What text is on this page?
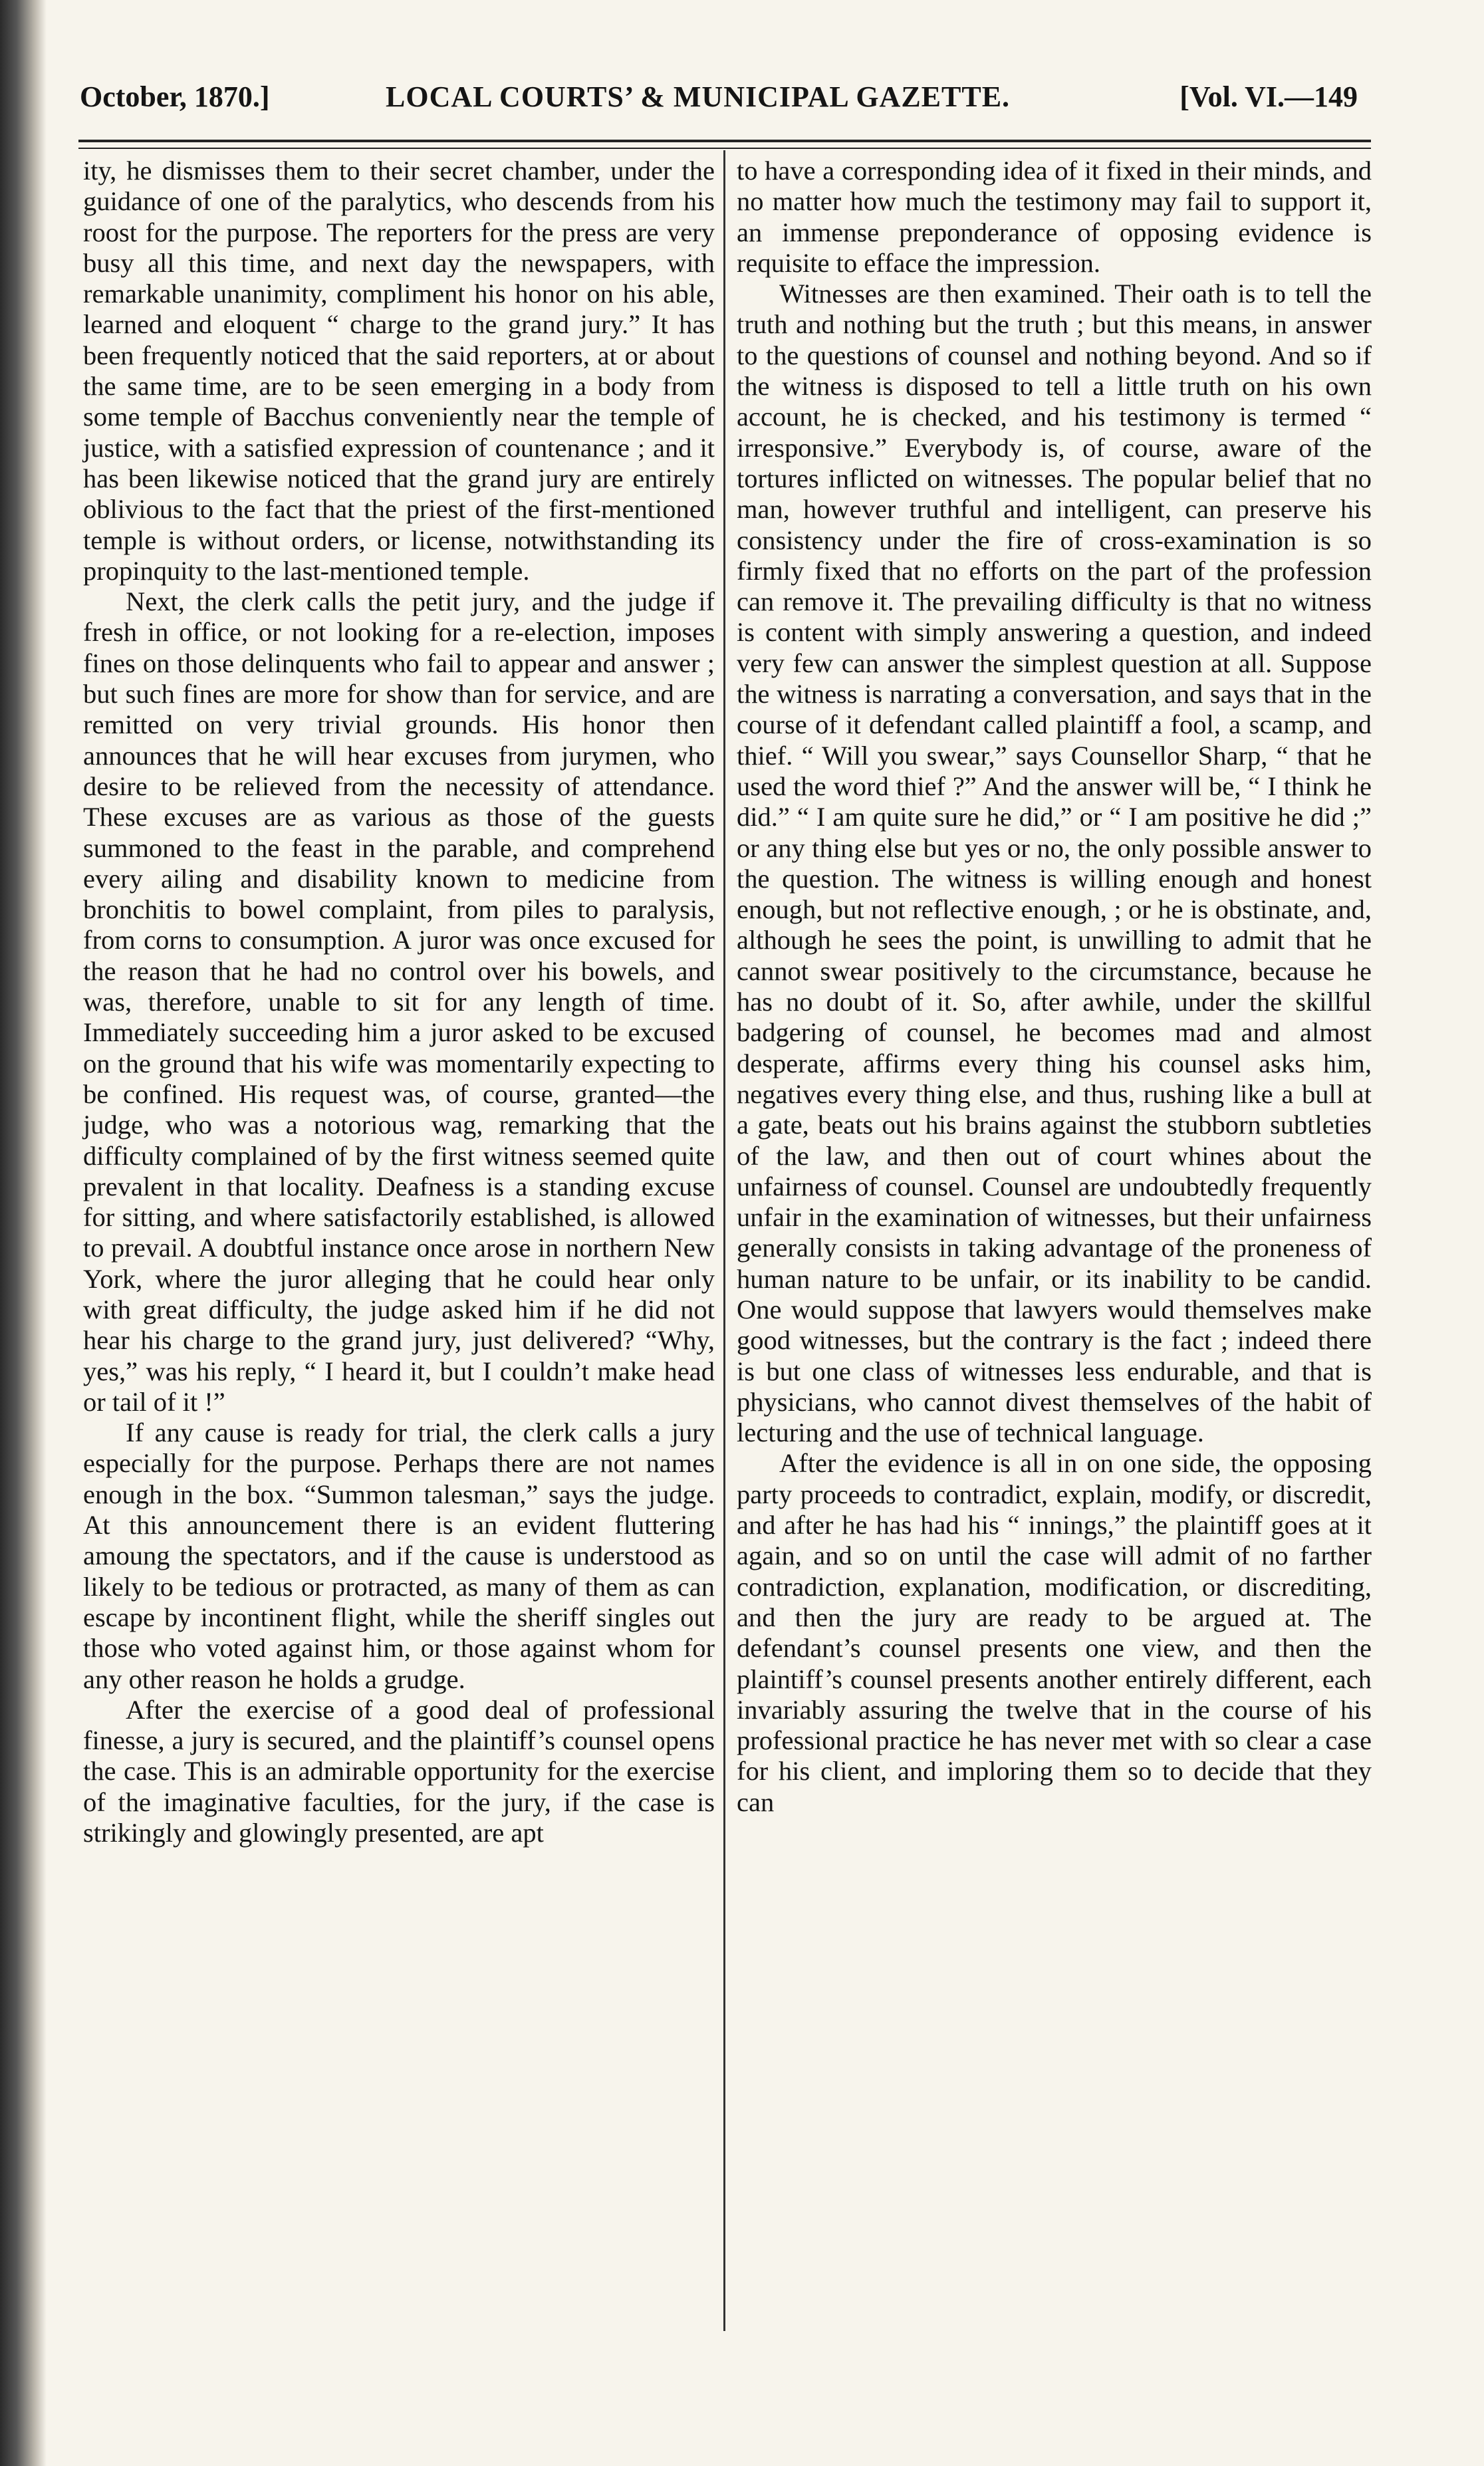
October, 1870.]	LOCAL COURTS’ & MUNICIPAL GAZETTE.	[Vol. VI.—149

ity, he dismisses them to their secret chamber, under the guidance of one of the paralytics, who descends from his roost for the purpose. The reporters for the press are very busy all this time, and next day the newspapers, with remarkable unanimity, compliment his honor on his able, learned and eloquent “ charge to the grand jury.” It has been frequently noticed that the said reporters, at or about the same time, are to be seen emerging in a body from some temple of Bacchus conveniently near the temple of justice, with a satisfied expression of countenance ; and it has been likewise noticed that the grand jury are entirely oblivious to the fact that the priest of the first-mentioned temple is without orders, or license, notwithstanding its propinquity to the last-mentioned temple.

Next, the clerk calls the petit jury, and the judge if fresh in office, or not looking for a re-election, imposes fines on those delinquents who fail to appear and answer ; but such fines are more for show than for service, and are remitted on very trivial grounds. His honor then announces that he will hear excuses from jurymen, who desire to be relieved from the necessity of attendance. These excuses are as various as those of the guests summoned to the feast in the parable, and comprehend every ailing and disability known to medicine from bronchitis to bowel complaint, from piles to paralysis, from corns to consumption. A juror was once excused for the reason that he had no control over his bowels, and was, therefore, unable to sit for any length of time. Immediately succeeding him a juror asked to be excused on the ground that his wife was momentarily expecting to be confined. His request was, of course, granted—the judge, who was a notorious wag, remarking that the difficulty complained of by the first witness seemed quite prevalent in that locality. Deafness is a standing excuse for sitting, and where satisfactorily established, is allowed to prevail. A doubtful instance once arose in northern New York, where the juror alleging that he could hear only with great difficulty, the judge asked him if he did not hear his charge to the grand jury, just delivered? “Why, yes,” was his reply, “ I heard it, but I couldn’t make head or tail of it !”

If any cause is ready for trial, the clerk calls a jury especially for the purpose. Perhaps there are not names enough in the box. “Summon talesman,” says the judge. At this announcement there is an evident fluttering amoung the spectators, and if the cause is understood as likely to be tedious or protracted, as many of them as can escape by incontinent flight, while the sheriff singles out those who voted against him, or those against whom for any other reason he holds a grudge.

After the exercise of a good deal of professional finesse, a jury is secured, and the plaintiff’s counsel opens the case. This is an admirable opportunity for the exercise of the imaginative faculties, for the jury, if the case is strikingly and glowingly presented, are apt

to have a corresponding idea of it fixed in their minds, and no matter how much the testimony may fail to support it, an immense preponderance of opposing evidence is requisite to efface the impression.

Witnesses are then examined. Their oath is to tell the truth and nothing but the truth ; but this means, in answer to the questions of counsel and nothing beyond. And so if the witness is disposed to tell a little truth on his own account, he is checked, and his testimony is termed “ irresponsive.” Everybody is, of course, aware of the tortures inflicted on witnesses. The popular belief that no man, however truthful and intelligent, can preserve his consistency under the fire of cross-examination is so firmly fixed that no efforts on the part of the profession can remove it. The prevailing difficulty is that no witness is content with simply answering a question, and indeed very few can answer the simplest question at all. Suppose the witness is narrating a conversation, and says that in the course of it defendant called plaintiff a fool, a scamp, and thief. “ Will you swear,” says Counsellor Sharp, “ that he used the word thief ?” And the answer will be, “ I think he did.” “ I am quite sure he did,” or “ I am positive he did ;” or any thing else but yes or no, the only possible answer to the question. The witness is willing enough and honest enough, but not reflective enough, ; or he is obstinate, and, although he sees the point, is unwilling to admit that he cannot swear positively to the circumstance, because he has no doubt of it. So, after awhile, under the skillful badgering of counsel, he becomes mad and almost desperate, affirms every thing his counsel asks him, negatives every thing else, and thus, rushing like a bull at a gate, beats out his brains against the stubborn subtleties of the law, and then out of court whines about the unfairness of counsel. Counsel are undoubtedly frequently unfair in the examination of witnesses, but their unfairness generally consists in taking advantage of the proneness of human nature to be unfair, or its inability to be candid. One would suppose that lawyers would themselves make good witnesses, but the contrary is the fact ; indeed there is but one class of witnesses less endurable, and that is physicians, who cannot divest themselves of the habit of lecturing and the use of technical language.

After the evidence is all in on one side, the opposing party proceeds to contradict, explain, modify, or discredit, and after he has had his “ innings,” the plaintiff goes at it again, and so on until the case will admit of no farther contradiction, explanation, modification, or discrediting, and then the jury are ready to be argued at. The defendant’s counsel presents one view, and then the plaintiff’s counsel presents another entirely different, each invariably assuring the twelve that in the course of his professional practice he has never met with so clear a case for his client, and imploring them so to decide that they can
